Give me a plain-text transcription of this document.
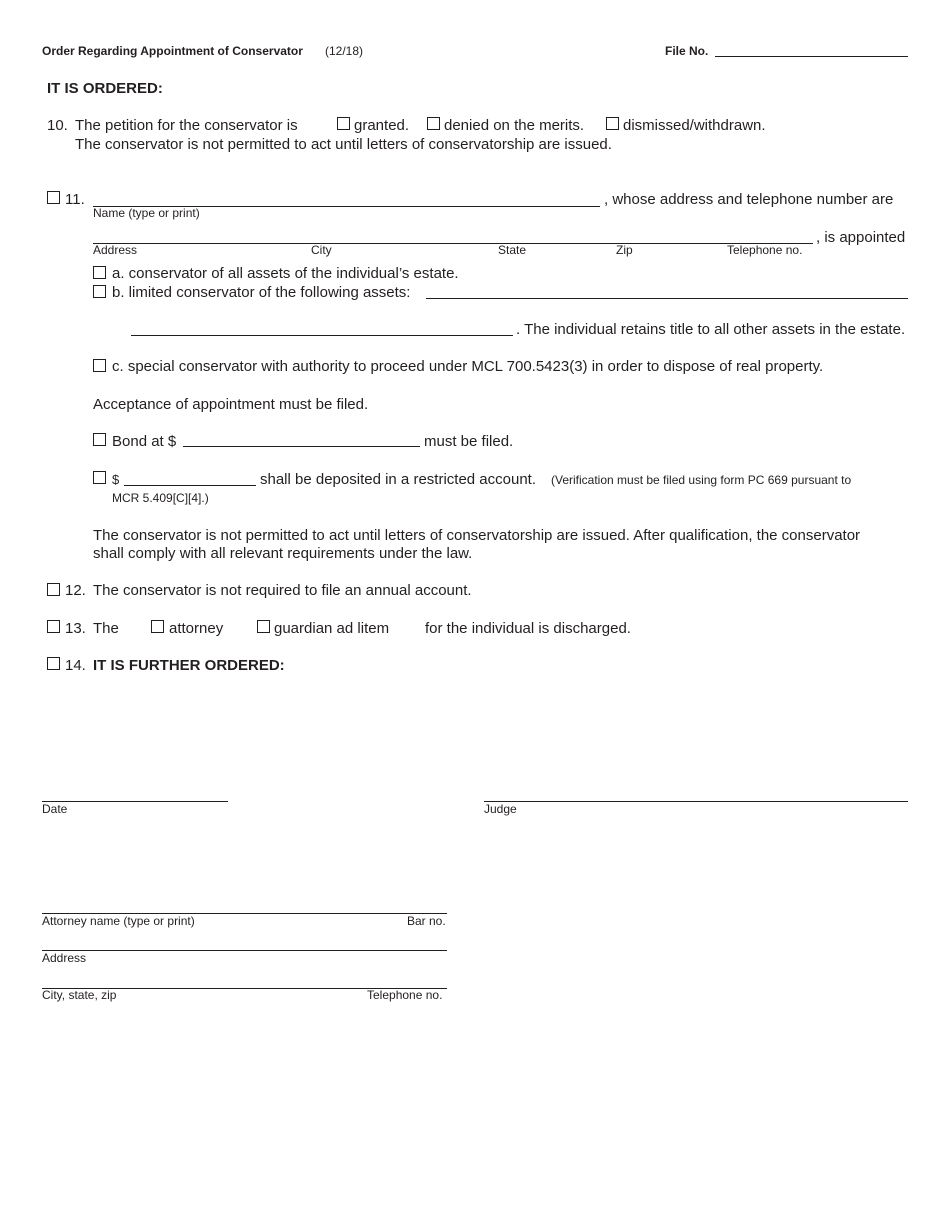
Order Regarding Appointment of Conservator (12/18)	File No.
IT IS ORDERED:
10. The petition for the conservator is	granted. denied on the merits.	dismissed/withdrawn.
The conservator is not permitted to act until letters of conservatorship are issued.
11.	, whose address and telephone number are
Name (type or print)
, is appointed
Address	City	State	Zip	Telephone no.
a. conservator of all assets of the individual’s estate.
b. limited conservator of the following assets:
. The individual retains title to all other assets in the estate.
c. special conservator with authority to proceed under MCL 700.5423(3) in order to dispose of real property.
Acceptance of appointment must be filed.
Bond at $	must be filed.
$	shall be deposited in a restricted account. (Verification must be filed using form PC 669 pursuant to
MCR 5.409[C][4].)
The conservator is not permitted to act until letters of conservatorship are issued. After qualification, the conservator
shall comply with all relevant requirements under the law.
12. The conservator is not required to file an annual account.
13. The	attorney	guardian ad litem for the individual is discharged.
14. IT IS FURTHER ORDERED:
Date	Judge
Attorney name (type or print)	Bar no.
Address
City, state, zip	Telephone no.
